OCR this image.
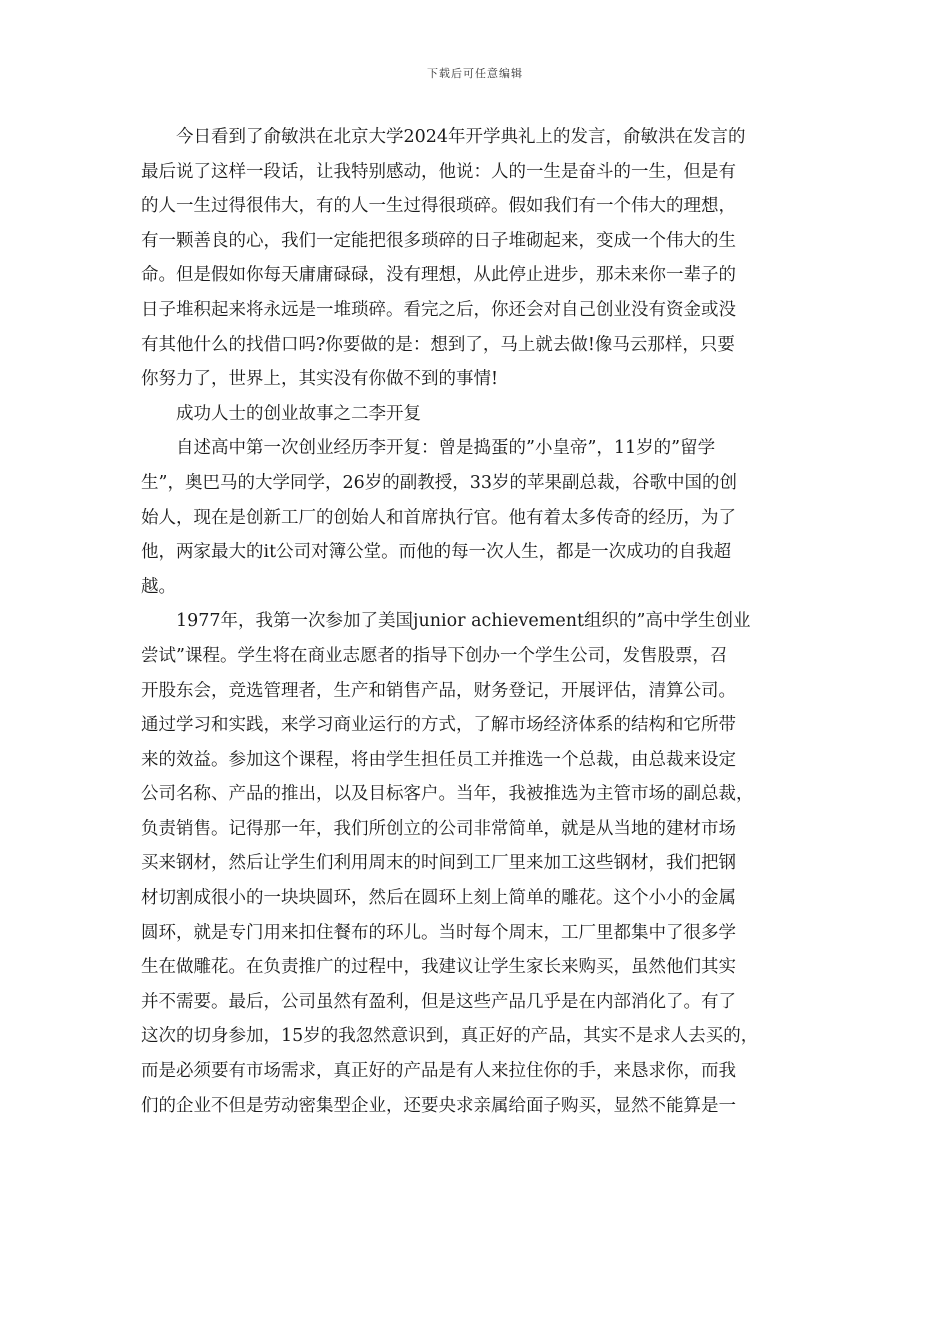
下载后可任意编辑
今日看到了俞敏洪在北京大学2024年开学典礼上的发言，俞敏洪在发言的
最后说了这样一段话，让我特别感动，他说：人的一生是奋斗的一生，但是有
的人一生过得很伟大，有的人一生过得很琐碎。假如我们有一个伟大的理想，
有一颗善良的心，我们一定能把很多琐碎的日子堆砌起来，变成一个伟大的生
命。但是假如你每天庸庸碌碌，没有理想，从此停止进步，那未来你一辈子的
日子堆积起来将永远是一堆琐碎。看完之后，你还会对自己创业没有资金或没
有其他什么的找借口吗?你要做的是：想到了，马上就去做!像马云那样，只要
你努力了，世界上，其实没有你做不到的事情!
成功人士的创业故事之二李开复
自述高中第一次创业经历李开复：曾是捣蛋的”小皇帝”，11岁的”留学
生”，奥巴马的大学同学，26岁的副教授，33岁的苹果副总裁，谷歌中国的创
始人，现在是创新工厂的创始人和首席执行官。他有着太多传奇的经历，为了
他，两家最大的it公司对簿公堂。而他的每一次人生，都是一次成功的自我超
越。
1977年，我第一次参加了美国junior achievement组织的”高中学生创业
尝试”课程。学生将在商业志愿者的指导下创办一个学生公司，发售股票，召
开股东会，竞选管理者，生产和销售产品，财务登记，开展评估，清算公司。
通过学习和实践，来学习商业运行的方式，了解市场经济体系的结构和它所带
来的效益。参加这个课程，将由学生担任员工并推选一个总裁，由总裁来设定
公司名称、产品的推出，以及目标客户。当年，我被推选为主管市场的副总裁，
负责销售。记得那一年，我们所创立的公司非常简单，就是从当地的建材市场
买来钢材，然后让学生们利用周末的时间到工厂里来加工这些钢材，我们把钢
材切割成很小的一块块圆环，然后在圆环上刻上简单的雕花。这个小小的金属
圆环，就是专门用来扣住餐布的环儿。当时每个周末，工厂里都集中了很多学
生在做雕花。在负责推广的过程中，我建议让学生家长来购买，虽然他们其实
并不需要。最后，公司虽然有盈利，但是这些产品几乎是在内部消化了。有了
这次的切身参加，15岁的我忽然意识到，真正好的产品，其实不是求人去买的，
而是必须要有市场需求，真正好的产品是有人来拉住你的手，来恳求你，而我
们的企业不但是劳动密集型企业，还要央求亲属给面子购买，显然不能算是一
